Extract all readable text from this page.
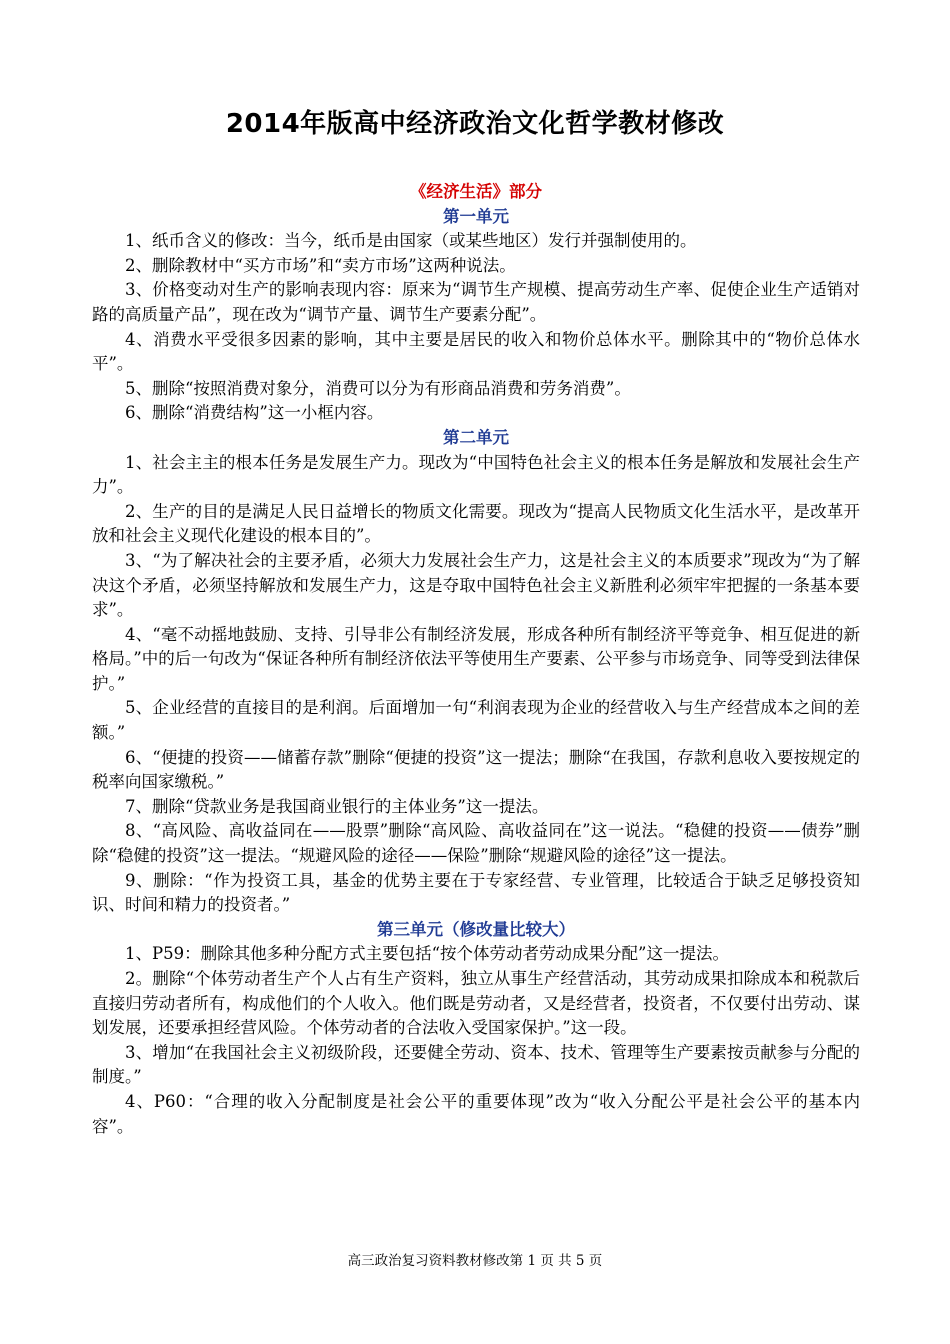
2014年版高中经济政治文化哲学教材修改
《经济生活》部分
第一单元

1、纸币含义的修改：当今，纸币是由国家（或某些地区）发行并强制使用的。

2、删除教材中“买方市场”和“卖方市场”这两种说法。

3、价格变动对生产的影响表现内容：原来为“调节生产规模、提高劳动生产率、促使企业生产适销对路的高质量产品”，现在改为“调节产量、调节生产要素分配”。

4、消费水平受很多因素的影响，其中主要是居民的收入和物价总体水平。删除其中的“物价总体水平”。

5、删除“按照消费对象分，消费可以分为有形商品消费和劳务消费”。

6、删除“消费结构”这一小框内容。

第二单元

1、社会主主的根本任务是发展生产力。现改为“中国特色社会主义的根本任务是解放和发展社会生产力”。

2、生产的目的是满足人民日益增长的物质文化需要。现改为“提高人民物质文化生活水平，是改革开放和社会主义现代化建设的根本目的”。

3、“为了解决社会的主要矛盾，必须大力发展社会生产力，这是社会主义的本质要求”现改为“为了解决这个矛盾，必须坚持解放和发展生产力，这是夺取中国特色社会主义新胜利必须牢牢把握的一条基本要求”。

4、“毫不动摇地鼓励、支持、引导非公有制经济发展，形成各种所有制经济平等竞争、相互促进的新格局。”中的后一句改为“保证各种所有制经济依法平等使用生产要素、公平参与市场竞争、同等受到法律保护。”

5、企业经营的直接目的是利润。后面增加一句“利润表现为企业的经营收入与生产经营成本之间的差额。”

6、“便捷的投资——储蓄存款”删除“便捷的投资”这一提法；删除“在我国，存款利息收入要按规定的税率向国家缴税。”

7、删除“贷款业务是我国商业银行的主体业务”这一提法。

8、“高风险、高收益同在——股票”删除“高风险、高收益同在”这一说法。“稳健的投资——债券”删除“稳健的投资”这一提法。“规避风险的途径——保险”删除“规避风险的途径”这一提法。

9、删除：“作为投资工具，基金的优势主要在于专家经营、专业管理，比较适合于缺乏足够投资知识、时间和精力的投资者。”

第三单元（修改量比较大）

1、P59：删除其他多种分配方式主要包括“按个体劳动者劳动成果分配”这一提法。

2。删除“个体劳动者生产个人占有生产资料，独立从事生产经营活动，其劳动成果扣除成本和税款后直接归劳动者所有，构成他们的个人收入。他们既是劳动者，又是经营者，投资者，不仅要付出劳动、谋划发展，还要承担经营风险。个体劳动者的合法收入受国家保护。”这一段。

3、增加“在我国社会主义初级阶段，还要健全劳动、资本、技术、管理等生产要素按贡献参与分配的制度。”

4、P60：“合理的收入分配制度是社会公平的重要体现”改为“收入分配公平是社会公平的基本内容”。

高三政治复习资料教材修改第 1 页 共 5 页
